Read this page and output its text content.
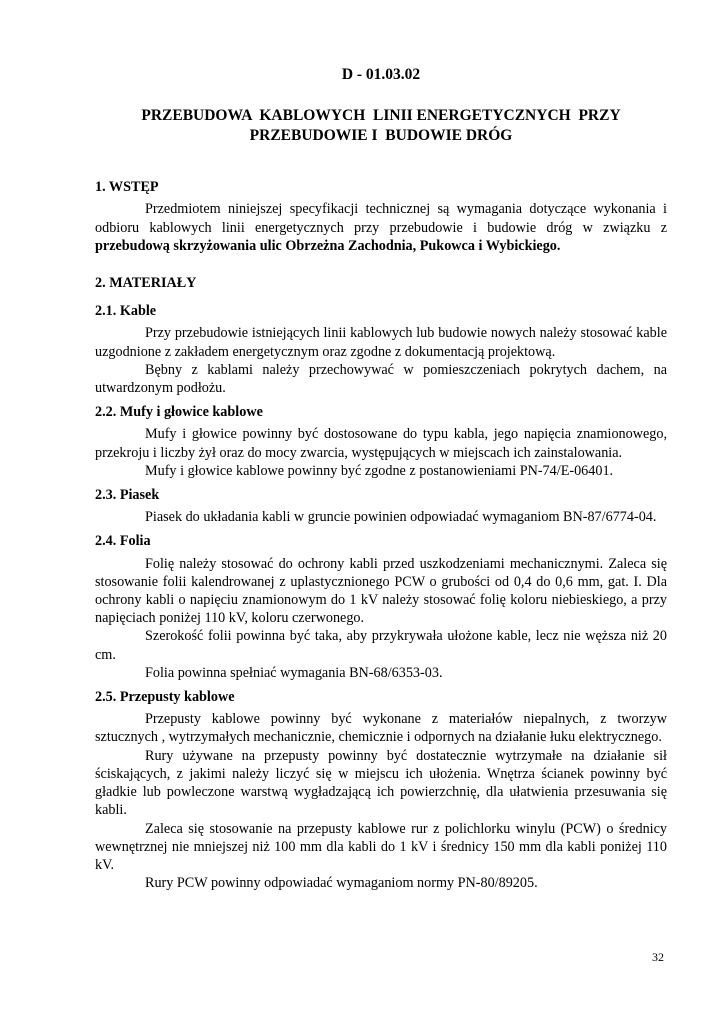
D - 01.03.02
PRZEBUDOWA  KABLOWYCH  LINII ENERGETYCZNYCH  PRZY
PRZEBUDOWIE I  BUDOWIE DRÓG
1. WSTĘP

Przedmiotem niniejszej specyfikacji technicznej są wymagania dotyczące wykonania i odbioru kablowych linii energetycznych przy przebudowie i budowie dróg w związku z przebudową skrzyżowania ulic Obrzeżna Zachodnia, Pukowca i Wybickiego.

2. MATERIAŁY
2.1. Kable

Przy przebudowie istniejących linii kablowych lub budowie nowych należy stosować kable uzgodnione z zakładem energetycznym oraz zgodne z dokumentacją projektową.

Bębny z kablami należy przechowywać w pomieszczeniach pokrytych dachem, na utwardzonym podłożu.

2.2. Mufy i głowice kablowe

Mufy i głowice powinny być dostosowane do typu kabla, jego napięcia znamionowego, przekroju i liczby żył oraz do mocy zwarcia, występujących w miejscach ich zainstalowania.

Mufy i głowice kablowe powinny być zgodne z postanowieniami PN-74/E-06401.

2.3. Piasek

Piasek do układania kabli w gruncie powinien odpowiadać wymaganiom BN-87/6774-04.

2.4. Folia

Folię należy stosować do ochrony kabli przed uszkodzeniami mechanicznymi. Zaleca się stosowanie folii kalendrowanej z uplastycznionego PCW o grubości od 0,4 do 0,6 mm, gat. I. Dla ochrony kabli o napięciu znamionowym do 1 kV należy stosować folię koloru niebieskiego, a przy napięciach poniżej 110 kV, koloru czerwonego.

Szerokość folii powinna być taka, aby przykrywała ułożone kable, lecz nie węższa niż 20 cm.

Folia powinna spełniać wymagania BN-68/6353-03.

2.5. Przepusty kablowe

Przepusty kablowe powinny być wykonane z materiałów niepalnych, z tworzyw sztucznych , wytrzymałych mechanicznie, chemicznie i odpornych na działanie łuku elektrycznego.

Rury używane na przepusty powinny być dostatecznie wytrzymałe na działanie sił ściskających, z jakimi należy liczyć się w miejscu ich ułożenia. Wnętrza ścianek powinny być gładkie lub powleczone warstwą wygładzającą ich powierzchnię, dla ułatwienia przesuwania się kabli.

Zaleca się stosowanie na przepusty kablowe rur z polichlorku winylu (PCW) o średnicy wewnętrznej nie mniejszej niż 100 mm dla kabli do 1 kV i średnicy 150 mm dla kabli poniżej 110 kV.

Rury PCW powinny odpowiadać wymaganiom normy PN-80/89205.

32
